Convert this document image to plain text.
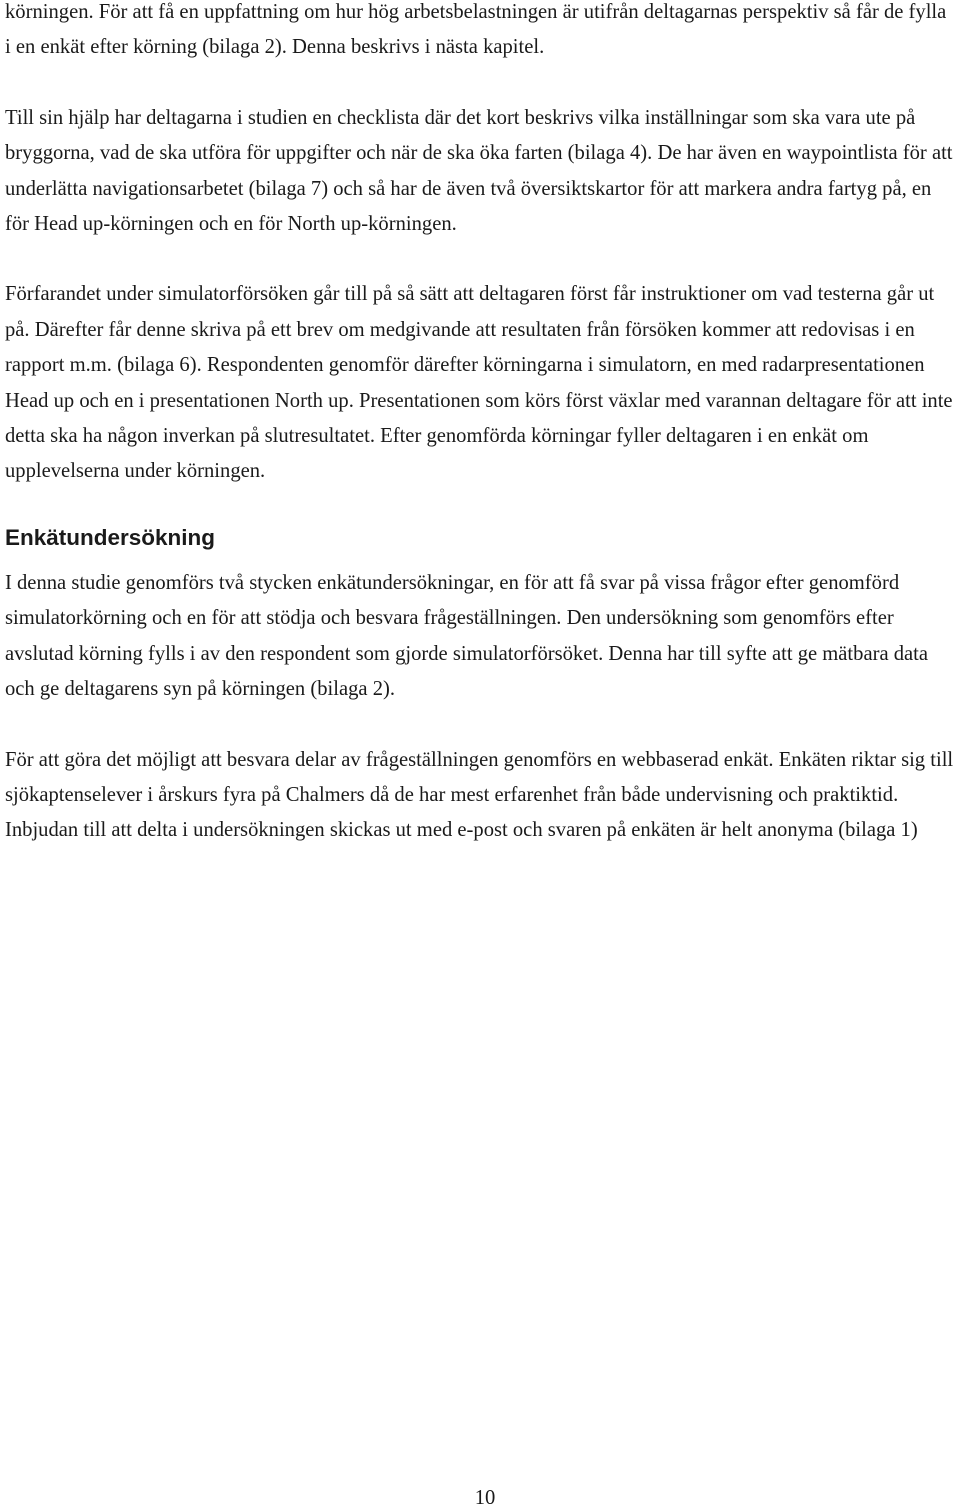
körningen. För att få en uppfattning om hur hög arbetsbelastningen är utifrån deltagarnas perspektiv så får de fylla i en enkät efter körning (bilaga 2). Denna beskrivs i nästa kapitel.

Till sin hjälp har deltagarna i studien en checklista där det kort beskrivs vilka inställningar som ska vara ute på bryggorna, vad de ska utföra för uppgifter och när de ska öka farten (bilaga 4). De har även en waypointlista för att underlätta navigationsarbetet (bilaga 7) och så har de även två översiktskartor för att markera andra fartyg på, en för Head up-körningen och en för North up-körningen.

Förfarandet under simulatorförsöken går till på så sätt att deltagaren först får instruktioner om vad testerna går ut på. Därefter får denne skriva på ett brev om medgivande att resultaten från försöken kommer att redovisas i en rapport m.m. (bilaga 6). Respondenten genomför därefter körningarna i simulatorn, en med radarpresentationen Head up och en i presentationen North up. Presentationen som körs först växlar med varannan deltagare för att inte detta ska ha någon inverkan på slutresultatet. Efter genomförda körningar fyller deltagaren i en enkät om upplevelserna under körningen.

Enkätundersökning

I denna studie genomförs två stycken enkätundersökningar, en för att få svar på vissa frågor efter genomförd simulatorkörning och en för att stödja och besvara frågeställningen. Den undersökning som genomförs efter avslutad körning fylls i av den respondent som gjorde simulatorförsöket. Denna har till syfte att ge mätbara data och ge deltagarens syn på körningen (bilaga 2).

För att göra det möjligt att besvara delar av frågeställningen genomförs en webbaserad enkät. Enkäten riktar sig till sjökaptenselever i årskurs fyra på Chalmers då de har mest erfarenhet från både undervisning och praktiktid. Inbjudan till att delta i undersökningen skickas ut med e-post och svaren på enkäten är helt anonyma (bilaga 1)

10
